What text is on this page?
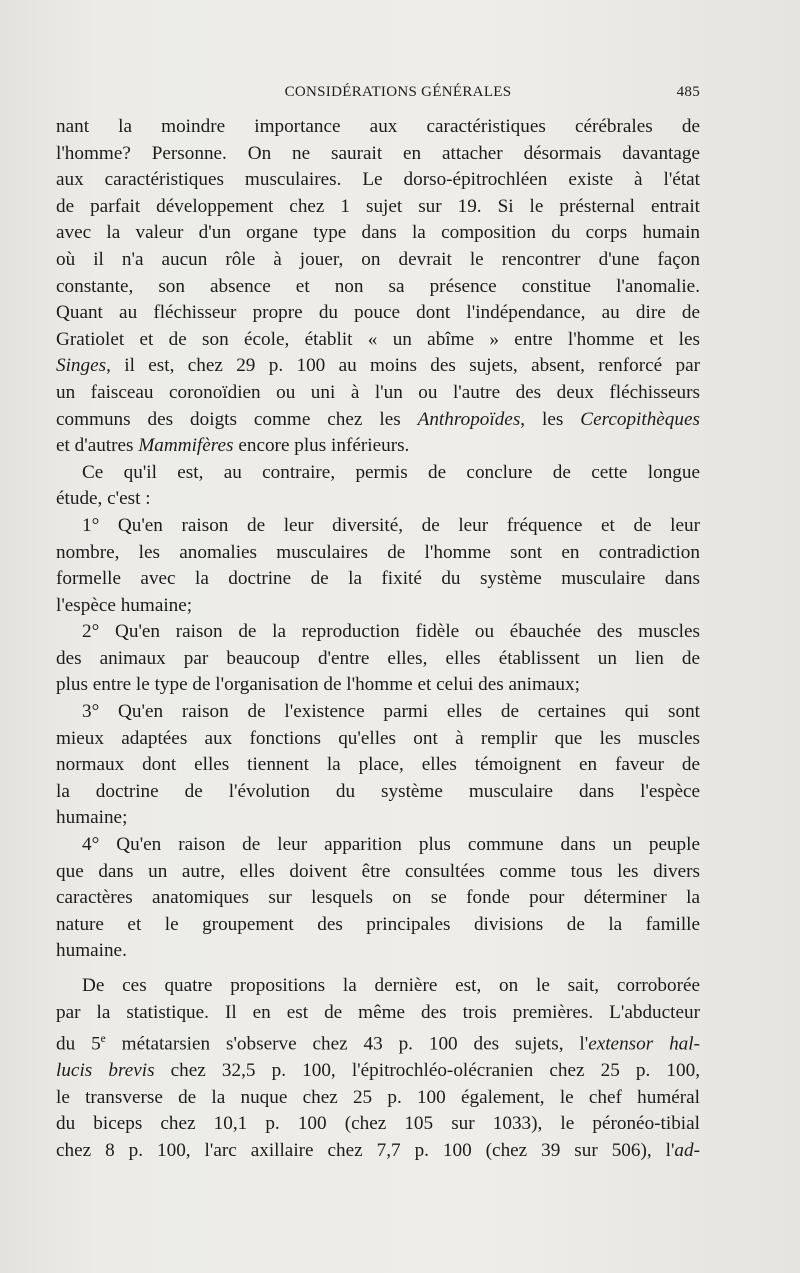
CONSIDÉRATIONS GÉNÉRALES	485

nant la moindre importance aux caractéristiques cérébrales de

l'homme? Personne. On ne saurait en attacher désormais davantage

aux caractéristiques musculaires. Le dorso-épitrochléen existe à l'état

de parfait développement chez 1 sujet sur 19. Si le présternal entrait

avec la valeur d'un organe type dans la composition du corps humain

où il n'a aucun rôle à jouer, on devrait le rencontrer d'une façon

constante, son absence et non sa présence constitue l'anomalie.

Quant au fléchisseur propre du pouce dont l'indépendance, au dire de

Gratiolet et de son école, établit « un abîme » entre l'homme et les

Singes, il est, chez 29 p. 100 au moins des sujets, absent, renforcé par

un faisceau coronoïdien ou uni à l'un ou l'autre des deux fléchisseurs

communs des doigts comme chez les Anthropoïdes, les Cercopithèques

et d'autres Mammifères encore plus inférieurs.

Ce qu'il est, au contraire, permis de conclure de cette longue

étude, c'est :

1° Qu'en raison de leur diversité, de leur fréquence et de leur

nombre, les anomalies musculaires de l'homme sont en contradiction

formelle avec la doctrine de la fixité du système musculaire dans

l'espèce humaine;

2° Qu'en raison de la reproduction fidèle ou ébauchée des muscles

des animaux par beaucoup d'entre elles, elles établissent un lien de

plus entre le type de l'organisation de l'homme et celui des animaux;

3° Qu'en raison de l'existence parmi elles de certaines qui sont

mieux adaptées aux fonctions qu'elles ont à remplir que les muscles

normaux dont elles tiennent la place, elles témoignent en faveur de

la doctrine de l'évolution du système musculaire dans l'espèce

humaine;

4° Qu'en raison de leur apparition plus commune dans un peuple

que dans un autre, elles doivent être consultées comme tous les divers

caractères anatomiques sur lesquels on se fonde pour déterminer la

nature et le groupement des principales divisions de la famille

humaine.

De ces quatre propositions la dernière est, on le sait, corroborée

par la statistique. Il en est de même des trois premières. L'abducteur

du 5e métatarsien s'observe chez 43 p. 100 des sujets, l'extensor hal-

lucis brevis chez 32,5 p. 100, l'épitrochléo-olécranien chez 25 p. 100,

le transverse de la nuque chez 25 p. 100 également, le chef huméral

du biceps chez 10,1 p. 100 (chez 105 sur 1033), le péronéo-tibial

chez 8 p. 100, l'arc axillaire chez 7,7 p. 100 (chez 39 sur 506), l'ad-
